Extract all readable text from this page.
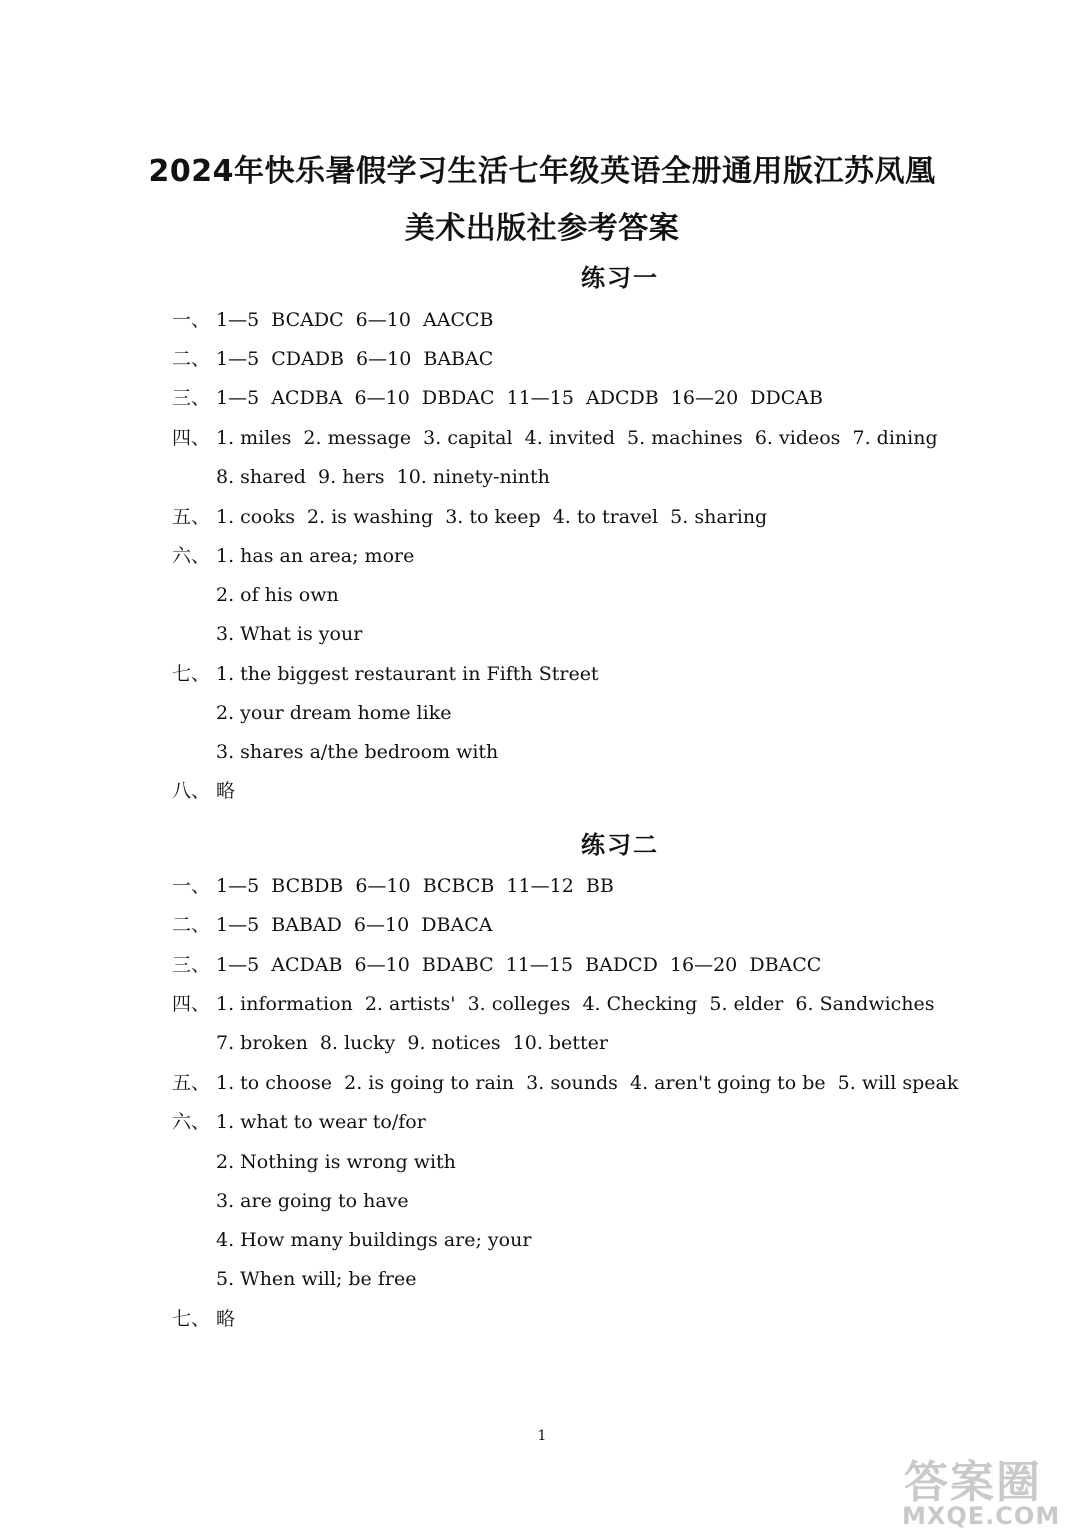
2024年快乐暑假学习生活七年级英语全册通用版江苏凤凰
美术出版社参考答案
练习一
一、 1—5  BCADC  6—10  AACCB
二、 1—5  CDADB  6—10  BABAC
三、 1—5  ACDBA  6—10  DBDAC  11—15  ADCDB  16—20  DDCAB
四、 1. miles  2. message  3. capital  4. invited  5. machines  6. videos  7. dining
8. shared  9. hers  10. ninety-ninth
五、 1. cooks  2. is washing  3. to keep  4. to travel  5. sharing
六、 1. has an area; more
2. of his own
3. What is your
七、 1. the biggest restaurant in Fifth Street
2. your dream home like
3. shares a/the bedroom with
八、 略
练习二
一、 1—5  BCBDB  6—10  BCBCB  11—12  BB
二、 1—5  BABAD  6—10  DBACA
三、 1—5  ACDAB  6—10  BDABC  11—15  BADCD  16—20  DBACC
四、 1. information  2. artists'  3. colleges  4. Checking  5. elder  6. Sandwiches
7. broken  8. lucky  9. notices  10. better
五、 1. to choose  2. is going to rain  3. sounds  4. aren't going to be  5. will speak
六、 1. what to wear to/for
2. Nothing is wrong with
3. are going to have
4. How many buildings are; your
5. When will; be free
七、 略
1
答案圈
MXQE.COM
